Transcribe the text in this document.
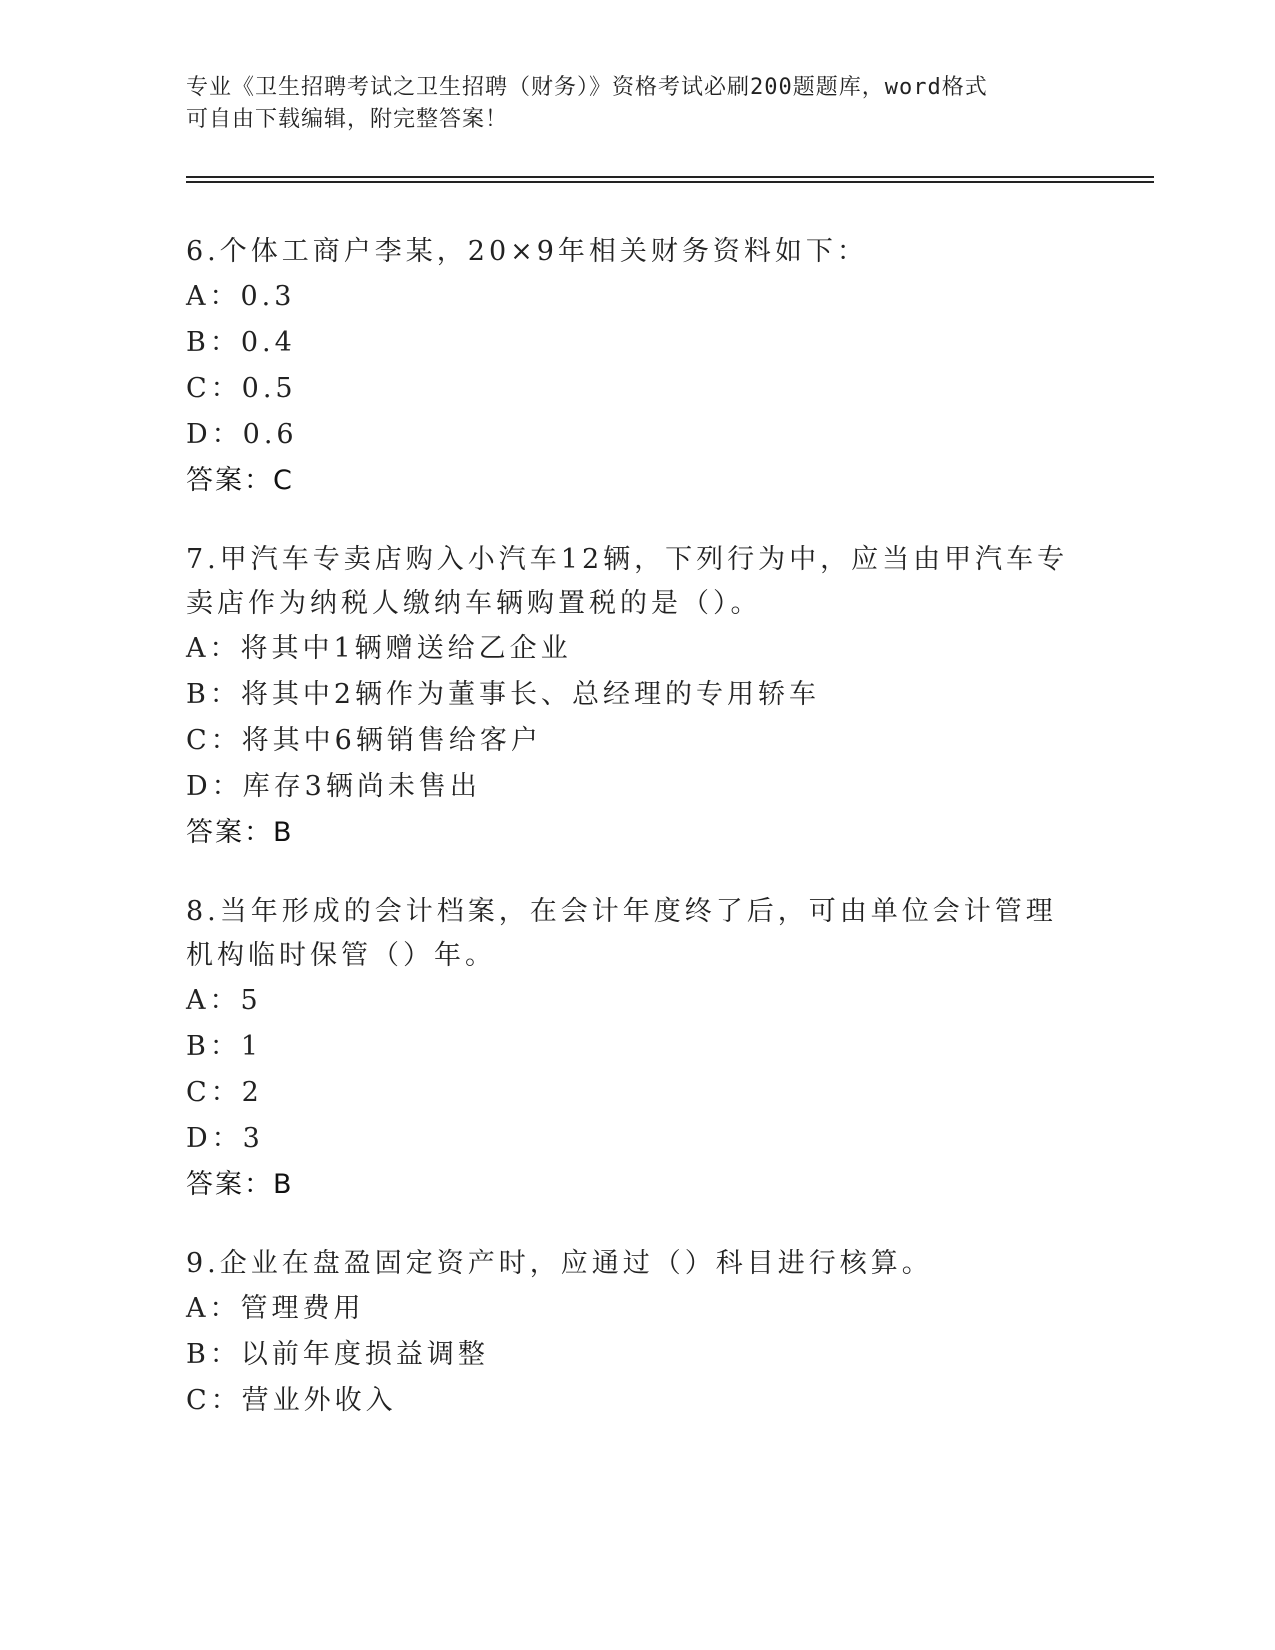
专业《卫生招聘考试之卫生招聘（财务）》资格考试必刷200题题库，word格式
可自由下载编辑，附完整答案！
6.个体工商户李某，20×9年相关财务资料如下：
A：0.3
B：0.4
C：0.5
D：0.6
答案：C
7.甲汽车专卖店购入小汽车12辆，下列行为中，应当由甲汽车专卖店作为纳税人缴纳车辆购置税的是（）。
A：将其中1辆赠送给乙企业
B：将其中2辆作为董事长、总经理的专用轿车
C：将其中6辆销售给客户
D：库存3辆尚未售出
答案：B
8.当年形成的会计档案，在会计年度终了后，可由单位会计管理机构临时保管（）年。
A：5
B：1
C：2
D：3
答案：B
9.企业在盘盈固定资产时，应通过（）科目进行核算。
A：管理费用
B：以前年度损益调整
C：营业外收入
